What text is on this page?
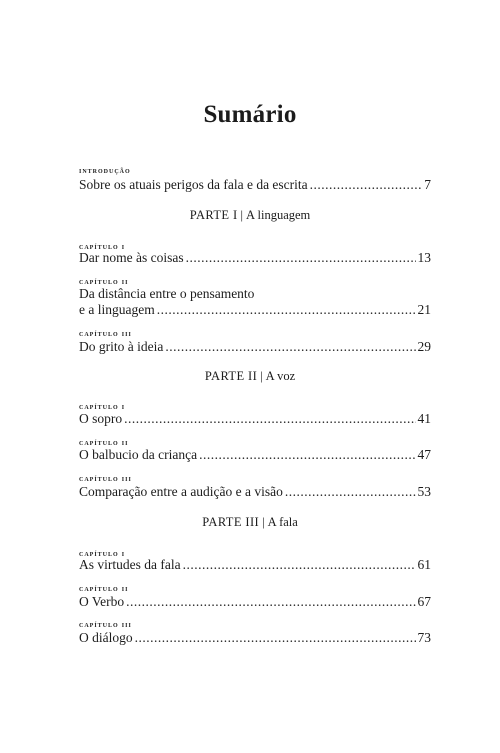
Sumário
introdução
Sobre os atuais perigos da fala e da escrita .....	7
PARTE I | A linguagem
capítulo i
Dar nome às coisas .....	13
capítulo ii
Da distância entre o pensamento
e a linguagem .....	21
capítulo iii
Do grito à ideia .....	29
PARTE II | A voz
capítulo i
O sopro .....	41
capítulo ii
O balbucio da criança .....	47
capítulo iii
Comparação entre a audição e a visão .....	53
PARTE III | A fala
capítulo i
As virtudes da fala .....	61
capítulo ii
O Verbo .....	67
capítulo iii
O diálogo .....	73
